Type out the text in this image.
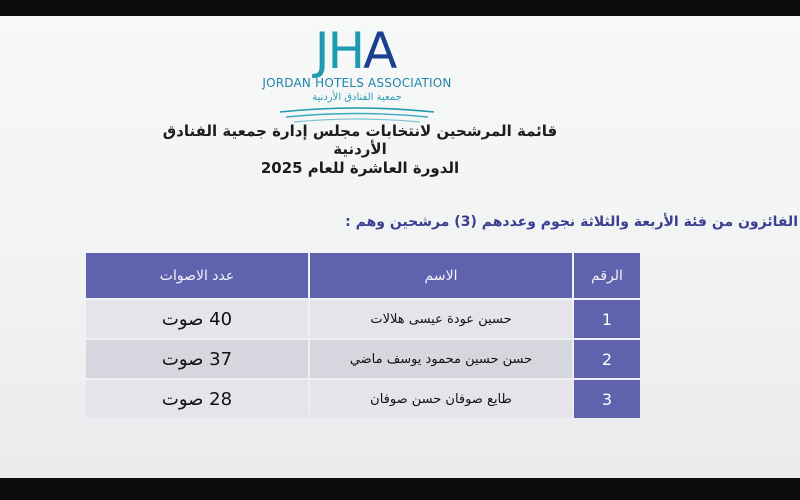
JHA
JORDAN HOTELS ASSOCIATION
جمعية الفنادق الأردنية
قائمة المرشحين لانتخابات مجلس إدارة جمعية الفنادق الأردنية
الدورة العاشرة للعام 2025
الفائزون من فئة الأربعة والثلاثة نجوم وعددهم (3) مرشحين وهم :
عدد الاصوات	الاسم	الرقم
40 صوت	حسين عودة عيسى هلالات	1
37 صوت	حسن حسين محمود يوسف ماضي	2
28 صوت	طايع صوفان حسن صوفان	3
